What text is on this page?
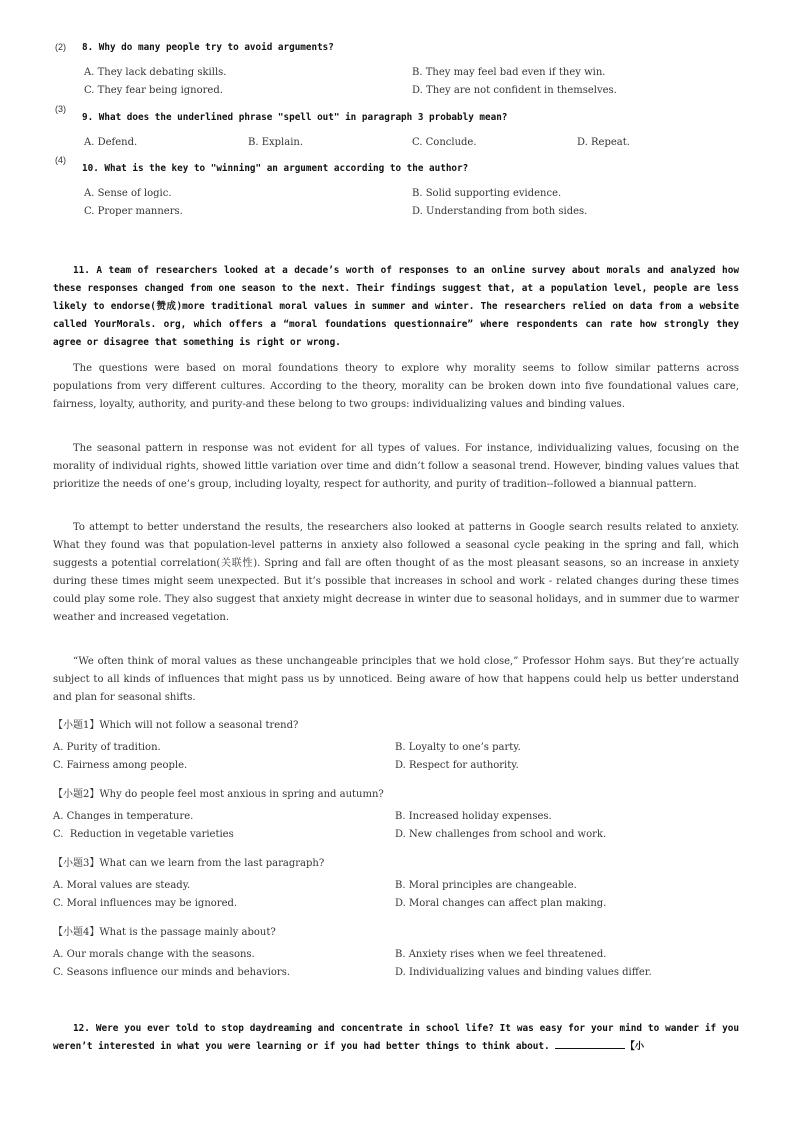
(2) 8. Why do many people try to avoid arguments?
A. They lack debating skills.	B. They may feel bad even if they win.
C. They fear being ignored.	D. They are not confident in themselves.
(3)
9. What does the underlined phrase "spell out" in paragraph 3 probably mean?
A. Defend.	B. Explain.	C. Conclude.	D. Repeat.
(4)
10. What is the key to "winning" an argument according to the author?
A. Sense of logic.	B. Solid supporting evidence.
C. Proper manners.	D. Understanding from both sides.
11. A team of researchers looked at a decade’s worth of responses to an online survey about morals and analyzed how these responses changed from one season to the next. Their findings suggest that, at a population level, people are less likely to endorse(赞成)more traditional moral values in summer and winter. The researchers relied on data from a website called YourMorals. org, which offers a “moral foundations questionnaire” where respondents can rate how strongly they agree or disagree that something is right or wrong.
The questions were based on moral foundations theory to explore why morality seems to follow similar patterns across populations from very different cultures. According to the theory, morality can be broken down into five foundational values care, fairness, loyalty, authority, and purity-and these belong to two groups: individualizing values and binding values.
The seasonal pattern in response was not evident for all types of values. For instance, individualizing values, focusing on the morality of individual rights, showed little variation over time and didn’t follow a seasonal trend. However, binding values values that prioritize the needs of one’s group, including loyalty, respect for authority, and purity of tradition--followed a biannual pattern.
To attempt to better understand the results, the researchers also looked at patterns in Google search results related to anxiety. What they found was that population-level patterns in anxiety also followed a seasonal cycle peaking in the spring and fall, which suggests a potential correlation(关联性). Spring and fall are often thought of as the most pleasant seasons, so an increase in anxiety during these times might seem unexpected. But it’s possible that increases in school and work - related changes during these times could play some role. They also suggest that anxiety might decrease in winter due to seasonal holidays, and in summer due to warmer weather and increased vegetation.
“We often think of moral values as these unchangeable principles that we hold close,” Professor Hohm says. But they’re actually subject to all kinds of influences that might pass us by unnoticed. Being aware of how that happens could help us better understand and plan for seasonal shifts.
【小题1】Which will not follow a seasonal trend?
A. Purity of tradition.	B. Loyalty to one’s party.
C. Fairness among people.	D. Respect for authority.
【小题2】Why do people feel most anxious in spring and autumn?
A. Changes in temperature.	B. Increased holiday expenses.
C.  Reduction in vegetable varieties	D. New challenges from school and work.
【小题3】What can we learn from the last paragraph?
A. Moral values are steady.	B. Moral principles are changeable.
C. Moral influences may be ignored.	D. Moral changes can affect plan making.
【小题4】What is the passage mainly about?
A. Our morals change with the seasons.	B. Anxiety rises when we feel threatened.
C. Seasons influence our minds and behaviors.	D. Individualizing values and binding values differ.
12. Were you ever told to stop daydreaming and concentrate in school life? It was easy for your mind to wander if you weren’t interested in what you were learning or if you had better things to think about.	【小
